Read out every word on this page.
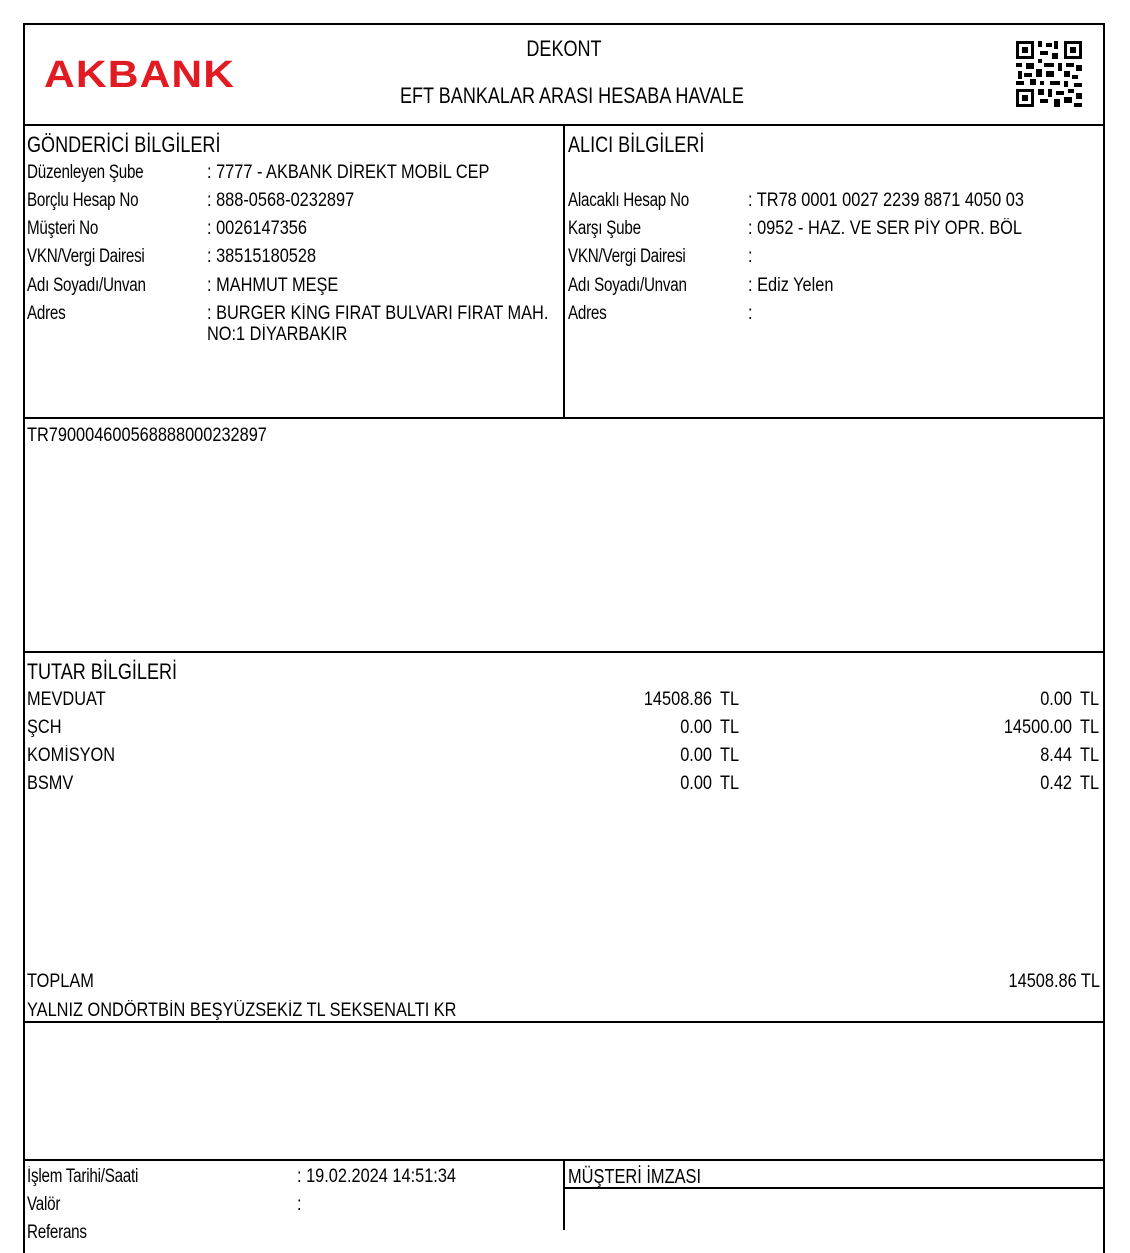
AKBANK
DEKONT
EFT BANKALAR ARASI HESABA HAVALE
GÖNDERİCİ BİLGİLERİ
Düzenleyen Şube	: 7777 - AKBANK DİREKT MOBİL CEP
Borçlu Hesap No	: 888-0568-0232897
Müşteri No	: 0026147356
VKN/Vergi Dairesi	: 38515180528
Adı Soyadı/Unvan	: MAHMUT MEŞE
Adres	: BURGER KİNG FIRAT BULVARI FIRAT MAH.
NO:1 DİYARBAKIR
ALICI BİLGİLERİ
Alacaklı Hesap No	: TR78 0001 0027 2239 8871 4050 03
Karşı Şube	: 0952 - HAZ. VE SER PİY OPR. BÖL
VKN/Vergi Dairesi	:
Adı Soyadı/Unvan	: Ediz Yelen
Adres	:
TR790004600568888000232897
TUTAR BİLGİLERİ
MEVDUAT	14508.86 TL	0.00 TL
ŞCH	0.00 TL	14500.00 TL
KOMİSYON	0.00 TL	8.44 TL
BSMV	0.00 TL	0.42 TL
TOPLAM	14508.86 TL
YALNIZ ONDÖRTBİN BEŞYÜZSEKİZ TL SEKSENALTI KR
İşlem Tarihi/Saati	: 19.02.2024 14:51:34
Valör	:
Referans
MÜŞTERİ İMZASI
